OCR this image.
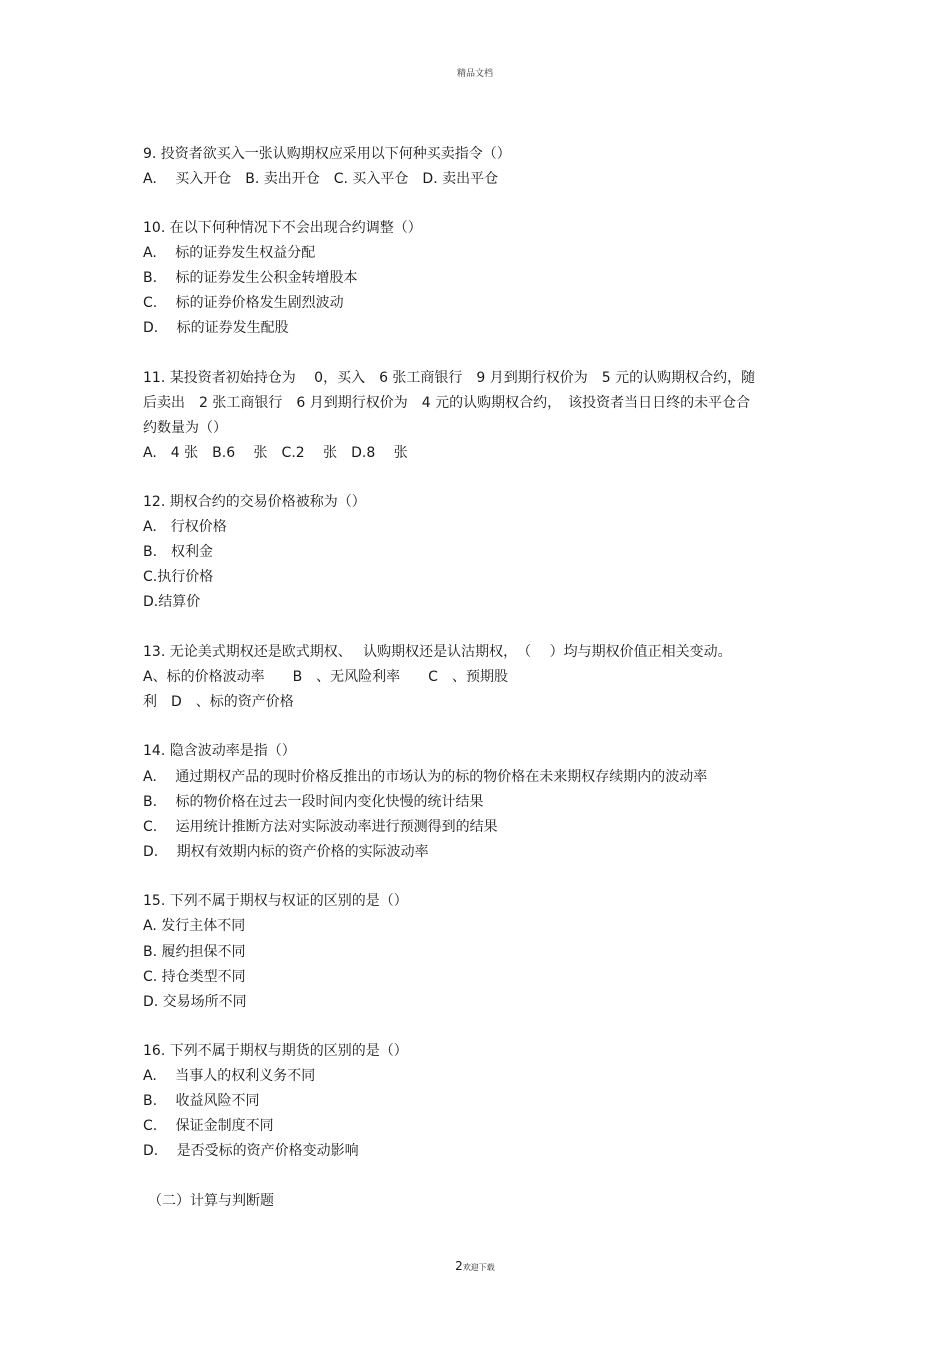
精品文档
9. 投资者欲买入一张认购期权应采用以下何种买卖指令（）
A.　 买入开仓　B. 卖出开仓　C. 买入平仓　D. 卖出平仓
10. 在以下何种情况下不会出现合约调整（）
A.　 标的证券发生权益分配
B.　 标的证券发生公积金转增股本
C.　 标的证券价格发生剧烈波动
D.　 标的证券发生配股
11. 某投资者初始持仓为　 0，买入　6 张工商银行　9 月到期行权价为　5 元的认购期权合约，随
后卖出　2 张工商银行　6 月到期行权价为　4 元的认购期权合约，　该投资者当日日终的未平仓合
约数量为（）
A.　4 张　B.6　 张　C.2　 张　D.8　 张
12. 期权合约的交易价格被称为（）
A.　行权价格
B.　权利金
C.执行价格
D.结算价
13. 无论美式期权还是欧式期权、　 认购期权还是认沽期权，　（　 ）均与期权价值正相关变动。
A、标的价格波动率　　B　、无风险利率　　C　、预期股
利　D　、标的资产价格
14. 隐含波动率是指（）
A.　 通过期权产品的现时价格反推出的市场认为的标的物价格在未来期权存续期内的波动率
B.　 标的物价格在过去一段时间内变化快慢的统计结果
C.　 运用统计推断方法对实际波动率进行预测得到的结果
D.　 期权有效期内标的资产价格的实际波动率
15. 下列不属于期权与权证的区别的是（）
A. 发行主体不同
B. 履约担保不同
C. 持仓类型不同
D. 交易场所不同
16. 下列不属于期权与期货的区别的是（）
A.　 当事人的权利义务不同
B.　 收益风险不同
C.　 保证金制度不同
D.　 是否受标的资产价格变动影响
（二）计算与判断题
2欢迎下载
